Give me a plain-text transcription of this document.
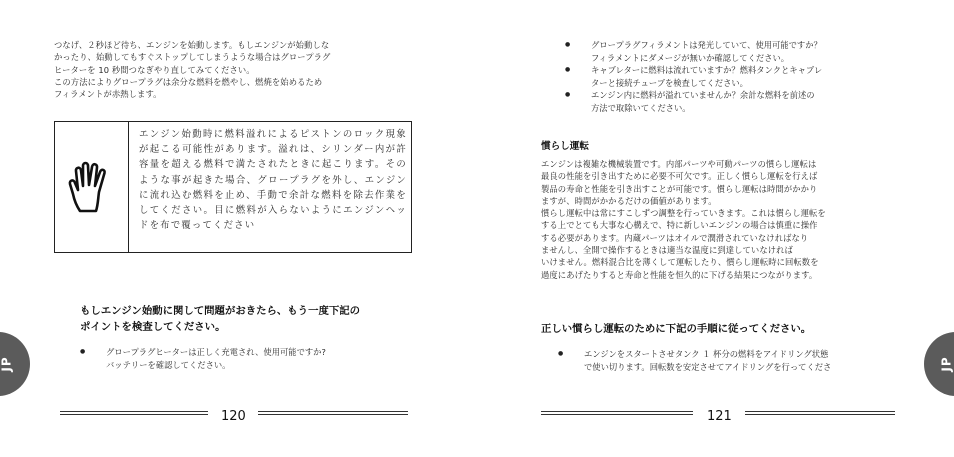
つなげ、２秒ほど待ち、エンジンを始動します。もしエンジンが始動しな
かったり、始動してもすぐストップしてしまうような場合はグロープラグ
ヒーターを 10 秒間つなぎやり直してみてください。
この方法によりグロープラグは余分な燃料を燃やし、燃焼を始めるため
フィラメントが赤熱します。
エンジン始動時に燃料溢れによるピストンのロック現象が起こる可能性があります。溢れは、シリンダー内が許容量を超える燃料で満たされたときに起こります。そのような事が起きた場合、グロープラグを外し、エンジンに流れ込む燃料を止め、手動で余計な燃料を除去作業をしてください。目に燃料が入らないようにエンジンヘッドを布で覆ってください
もしエンジン始動に関して問題がおきたら、もう一度下記の
ポイントを検査してください。
● グロープラグヒーターは正しく充電され、使用可能ですか?
バッテリーを確認してください。
120
JP
● グロープラグフィラメントは発光していて、使用可能ですか？
フィラメントにダメージが無いか確認してください。
● キャブレターに燃料は流れていますか？燃料タンクとキャブレ
ターと接続チューブを検査してください。
● エンジン内に燃料が溢れていませんか？余計な燃料を前述の
方法で取除いてください。
慣らし運転
エンジンは複雑な機械装置です。内部パーツや可動パーツの慣らし運転は
最良の性能を引き出すために必要不可欠です。正しく慣らし運転を行えば
製品の寿命と性能を引き出すことが可能です。慣らし運転は時間がかかり
ますが、時間がかかるだけの価値があります。
慣らし運転中は常にすこしずつ調整を行っていきます。これは慣らし運転を
する上でとても大事な心構えで、特に新しいエンジンの場合は慎重に操作
する必要があります。内蔵パーツはオイルで潤滑されていなければなり
ませんし、全開で操作するときは適当な温度に到達していなければ
いけません。燃料混合比を薄くして運転したり、慣らし運転時に回転数を
過度にあげたりすると寿命と性能を恒久的に下げる結果につながります。
正しい慣らし運転のために下記の手順に従ってください。
● エンジンをスタートさせタンク １ 杯分の燃料をアイドリング状態
で使い切ります。回転数を安定させてアイドリングを行ってくださ
121
JP
